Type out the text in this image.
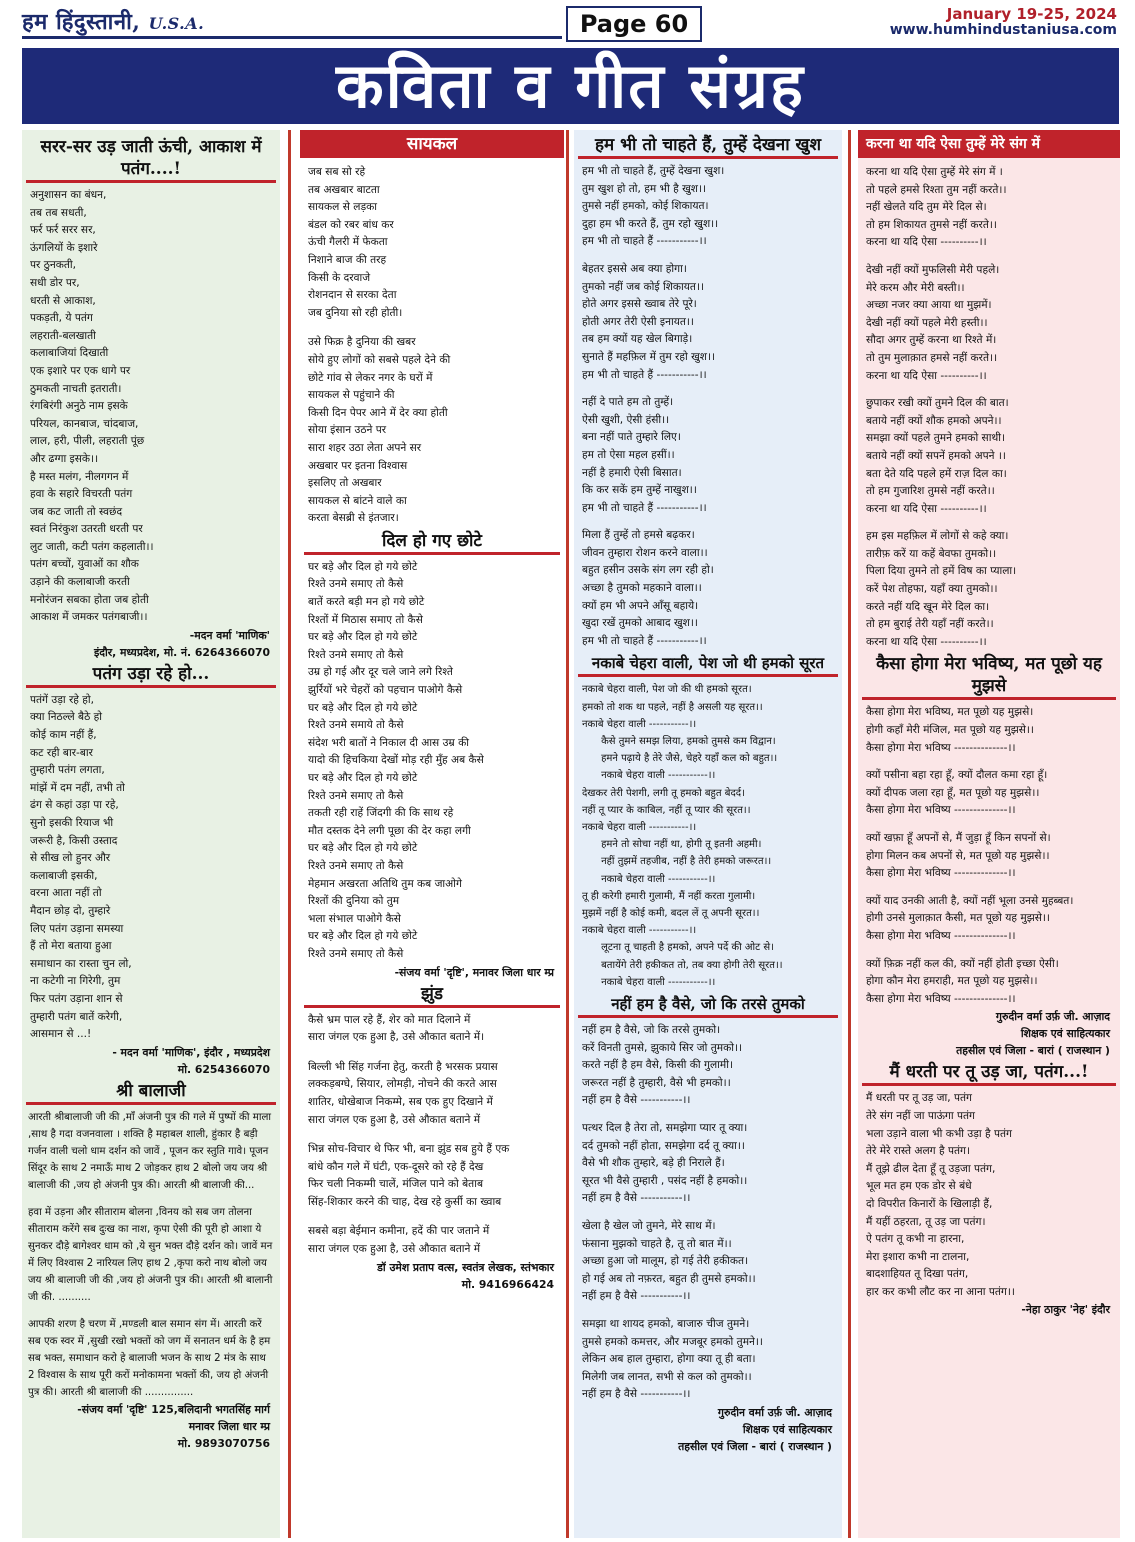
हम हिंदुस्तानी, U.S.A.	Page 60	January 19-25, 2024
www.humhindustaniusa.com
कविता व गीत संग्रह
सरर-सर उड़ जाती ऊंची, आकाश में पतंग....!
अनुशासन का बंधन,
तब तब सधती,
फर्र फर्र सरर सर,
ऊंगलियों के इशारे
पर ठुनकती,
सधी डोर पर,
धरती से आकाश,
पकड़ती, ये पतंग
लहराती-बलखाती
कलाबाजियां दिखाती
एक इशारे पर एक धागे पर
ठुमकती नाचती इतराती।
रंगबिरंगी अनुठे नाम इसके
परियल, कानबाज, चांदबाज,
लाल, हरी, पीली, लहराती पूंछ
और ढग्गा इसके।।
है मस्त मलंग, नीलगगन में
हवा के सहारे विचरती पतंग
जब कट जाती तो स्वछंद
स्वतं निरंकुश उतरती धरती पर
लुट जाती, कटी पतंग कहलाती।।
पतंग बच्चों, युवाओं का शौक
उड़ाने की कलाबाजी करती
मनोरंजन सबका होता जब होती
आकाश में जमकर पतंगबाजी।।
-मदन वर्मा 'माणिक'
इंदौर, मध्यप्रदेश, मो. नं. 6264366070
पतंग उड़ा रहे हो...
पतंगें उड़ा रहे हो,
क्या निठल्ले बैठे हो
कोई काम नहीं हैं,
कट रही बार-बार
तुम्हारी पतंग लगता,
मांझें में दम नहीं, तभी तो
ढंग से कहां उड़ा पा रहे,
सुनो इसकी रियाज भी
जरूरी है, किसी उस्ताद
से सीख लो हुनर और
कलाबाजी इसकी,
वरना आता नहीं तो
मैदान छोड़ दो, तुम्हारे
लिए पतंग उड़ाना समस्या
हैं तो मेरा बताया हुआ
समाधान का रास्ता चुन लो,
ना कटेगी ना गिरेगी, तुम
फिर पतंग उड़ाना शान से
तुम्हारी पतंग बातें करेगी,
आसमान से ...!
- मदन वर्मा 'माणिक', इंदौर , मध्यप्रदेश
मो. 6254366070
श्री बालाजी
आरती श्रीबालाजी जी की ,माँ अंजनी पुत्र की गले में पुष्पों की माला ,साथ है गदा वजनवाला । शक्ति है महाबल शाली, हुंकार है बड़ी गर्जन वाली चलो धाम दर्शन को जावें , पूजन कर स्तुति गावे। पूजन सिंदूर के साथ 2 नमाऊँ माथ 2 जोड़कर हाथ 2 बोलो जय जय श्री बालाजी की ,जय हो अंजनी पुत्र की। आरती श्री बालाजी की...
हवा में उड़ना और सीताराम बोलना ,विनय को सब जग तोलना सीताराम करेंगे सब दुःख का नाश, कृपा ऐसी की पूरी हो आशा ये सुनकर दौड़े बागेश्वर धाम को ,ये सुन भक्त दौड़े दर्शन को। जावें मन में लिए विश्वास 2 नारियल लिए हाथ 2 ,कृपा करो नाथ बोलो जय जय श्री बालाजी जी की ,जय हो अंजनी पुत्र की। आरती श्री बालानी जी की. ..........
आपकी शरण है चरण में ,मण्डली बाल समान संग में। आरती करें सब एक स्वर में ,सुखी रखो भक्तों को जग में सनातन धर्म के है हम सब भक्त, समाधान करो हे बालाजी भजन के साथ 2 मंत्र के साथ 2 विश्वास के साथ पूरी करों मनोकामना भक्तों की, जय हो अंजनी पुत्र की। आरती श्री बालाजी की ...............
-संजय वर्मा 'दृष्टि' 125,बलिदानी भगतसिंह मार्ग
मनावर जिला धार म्प्र
मो. 9893070756
सायकल
जब सब सो रहे
तब अखबार बाटता
सायकल से लड़का
बंडल को रबर बांध कर
ऊंची गैलरी में फेकता
निशाने बाज की तरह
किसी के दरवाजे
रोशनदान से सरका देता
जब दुनिया सो रही होती।
उसे फिक्र है दुनिया की खबर
सोये हुए लोगों को सबसे पहले देने की
छोटे गांव से लेकर नगर के घरों में
सायकल से पहुंचाने की
किसी दिन पेपर आने में देर क्या होती
सोया इंसान उठने पर
सारा शहर उठा लेता अपने सर
अखबार पर इतना विश्वास
इसलिए तो अखबार
सायकल से बांटने वाले का
करता बेसब्री से इंतजार।
दिल हो गए छोटे
घर बड़े और दिल हो गये छोटे
रिश्ते उनमे समाए तो कैसे
बातें करते बड़ी मन हो गये छोटे
रिश्तों में मिठास समाए तो कैसे
घर बड़े और दिल हो गये छोटे
रिश्ते उनमे समाए तो कैसे
उम्र हो गई और दूर चले जाने लगे रिश्ते
झुर्रियों भरे चेहरों को पहचान पाओगे कैसे
घर बड़े और दिल हो गये छोटे
रिश्ते उनमे समाये तो कैसे
संदेश भरी बातों ने निकाल दी आस उम्र की
यादो की हिचकिया देखों मोड़ रही मुँह अब कैसे
घर बड़े और दिल हो गये छोटे
रिश्ते उनमे समाए तो कैसे
तकती रही राहें जिंदगी की कि साथ रहे
मौत दस्तक देने लगी पूछा की देर कहा लगी
घर बड़े और दिल हो गये छोटे
रिश्ते उनमे समाए तो कैसे
मेहमान अखरता अतिथि तुम कब जाओगे
रिश्तों की दुनिया को तुम
भला संभाल पाओगे कैसे
घर बड़े और दिल हो गये छोटे
रिश्ते उनमे समाए तो कैसे
-संजय वर्मा 'दृष्टि', मनावर जिला धार म्प्र
झुंड
कैसे भ्रम पाल रहे हैं, शेर को मात दिलाने में
सारा जंगल एक हुआ है, उसे औकात बताने में।
बिल्ली भी सिंह गर्जना हेतु, करती है भरसक प्रयास
लक्कड़बग्घे, सियार, लोमड़ी, नोचने की करते आस
शातिर, धोखेबाज निकम्मे, सब एक हुए दिखाने में
सारा जंगल एक हुआ है, उसे औकात बताने में
भिन्न सोच-विचार थे फिर भी, बना झुंड सब हुये हैं एक
बांधे कौन गले में घंटी, एक-दूसरे को रहे हैं देख
फिर चली निकम्मी चालें, मंजिल पाने को बेताब
सिंह-शिकार करने की चाह, देख रहे कुर्सी का ख्वाब
सबसे बड़ा बेईमान कमीना, हदें की पार जताने में
सारा जंगल एक हुआ है, उसे औकात बताने में
डॉ उमेश प्रताप वत्स, स्वतंत्र लेखक, स्तंभकार
मो. 9416966424
हम भी तो चाहते हैं, तुम्हें देखना खुश
हम भी तो चाहते हैं, तुम्हें देखना खुश।
तुम खुश हो तो, हम भी है खुश।।
तुमसे नहीं हमको, कोई शिकायत।
दुहा हम भी करते हैं, तुम रहो खुश।।
हम भी तो चाहते हैं -----------।।
बेहतर इससे अब क्या होगा।
तुमको नहीं जब कोई शिकायत।।
होते अगर इससे ख्वाब तेरे पूरे।
होती अगर तेरी ऐसी इनायत।।
तब हम क्यों यह खेल बिगाड़े।
सुनाते हैं महफ़िल में तुम रहो खुश।।
हम भी तो चाहते हैं -----------।।
नहीं दे पाते हम तो तुम्हें।
ऐसी खुशी, ऐसी हंसी।।
बना नहीं पाते तुम्हारे लिए।
हम तो ऐसा महल हसीं।।
नहीं है हमारी ऐसी बिसात।
कि कर सकें हम तुम्हें नाखुश।।
हम भी तो चाहते हैं -----------।।
मिला हैं तुम्हें तो हमसे बढ़कर।
जीवन तुम्हारा रोशन करने वाला।।
बहुत हसीन उसके संग लग रही हो।
अच्छा है तुमको महकाने वाला।।
क्यों हम भी अपने आँसू बहाये।
खुदा रखें तुमको आबाद खुश।।
हम भी तो चाहते हैं -----------।।
नकाबे चेहरा वाली, पेश जो थी हमको सूरत
नकाबे चेहरा वाली, पेश जो की थी हमको सूरत।
हमको तो शक था पहले, नहीं है असली यह सूरत।।
नकाबे चेहरा वाली -----------।।
कैसे तुमने समझ लिया, हमको तुमसे कम विद्वान।
हमने पढ़ाये है तेरे जैसे, चेहरे यहाँ कल को बहुत।।
नकाबे चेहरा वाली -----------।।
देखकर तेरी पेशगी, लगी तू हमको बहुत बेदर्द।
नहीं तू प्यार के काबिल, नहीं तू प्यार की सूरत।।
नकाबे चेहरा वाली -----------।।
हमने तो सोचा नहीं था, होगी तू इतनी अहमी।
नहीं तुझमें तहजीब, नहीं है तेरी हमको जरूरत।।
नकाबे चेहरा वाली -----------।।
तू ही करेगी हमारी गुलामी, मैं नहीं करता गुलामी।
मुझमें नहीं है कोई कमी, बदल लें तू अपनी सूरत।।
नकाबे चेहरा वाली -----------।।
लूटना तू चाहती है हमको, अपने पर्दे की ओट से।
बतायेंगे तेरी हकीकत तो, तब क्या होगी तेरी सूरत।।
नकाबे चेहरा वाली -----------।।
नहीं हम है वैसे, जो कि तरसे तुमको
नहीं हम है वैसे, जो कि तरसे तुमको।
करें विनती तुमसे, झुकाये सिर जो तुमको।।
करते नहीं है हम वैसे, किसी की गुलामी।
जरूरत नहीं है तुम्हारी, वैसे भी हमको।।
नहीं हम है वैसे -----------।।
पत्थर दिल है तेरा तो, समझेगा प्यार तू क्या।
दर्द तुमको नहीं होता, समझेगा दर्द तू क्या।।
वैसे भी शौक तुम्हारे, बड़े ही निराले हैं।
सूरत भी वैसे तुम्हारी , पसंद नहीं है हमको।।
नहीं हम है वैसे -----------।।
खेला है खेल जो तुमने, मेरे साथ में।
फंसाना मुझको चाहते है, तू तो बात में।।
अच्छा हुआ जो मालूम, हो गई तेरी हकीकत।
हो गई अब तो नफ़रत, बहुत ही तुमसे हमको।।
नहीं हम है वैसे -----------।।
समझा था शायद हमको, बाजारु चीज तुमने।
तुमसे हमको कमत्तर, और मजबूर हमको तुमने।।
लेकिन अब हाल तुम्हारा, होगा क्या तू ही बता।
मिलेगी जब लानत, सभी से कल को तुमको।।
नहीं हम है वैसे -----------।।
गुरुदीन वर्मा उर्फ़ जी. आज़ाद
शिक्षक एवं साहित्यकार
तहसील एवं जिला - बारां ( राजस्थान )
करना था यदि ऐसा तुम्हें मेरे संग में
करना था यदि ऐसा तुम्हें मेरे संग में ।
तो पहले हमसे रिश्ता तुम नहीं करते।।
नहीं खेलते यदि तुम मेरे दिल से।
तो हम शिकायत तुमसे नहीं करते।।
करना था यदि ऐसा ----------।।
देखी नहीं क्यों मुफलिसी मेरी पहले।
मेरे करम और मेरी बस्ती।।
अच्छा नजर क्या आया था मुझमें।
देखी नहीं क्यों पहले मेरी हस्ती।।
सौदा अगर तुम्हें करना था रिश्ते में।
तो तुम मुलाक़ात हमसे नहीं करते।।
करना था यदि ऐसा ----------।।
छुपाकर रखी क्यों तुमने दिल की बात।
बताये नहीं क्यों शौक हमको अपने।।
समझा क्यों पहले तुमने हमको साथी।
बताये नहीं क्यों सपनें हमको अपने ।।
बता देते यदि पहले हमें राज़ दिल का।
तो हम गुजारिश तुमसे नहीं करते।।
करना था यदि ऐसा ----------।।
हम इस महफ़िल में लोगों से कहे क्या।
तारीफ़ करें या कहें बेवफा तुमको।।
पिला दिया तुमने तो हमें विष का प्याला।
करें पेश तोहफा, यहाँ क्या तुमको।।
करते नहीं यदि खून मेरे दिल का।
तो हम बुराई तेरी यहाँ नहीं करते।।
करना था यदि ऐसा ----------।।
कैसा होगा मेरा भविष्य, मत पूछो यह मुझसे
कैसा होगा मेरा भविष्य, मत पूछो यह मुझसे।
होगी कहाँ मेरी मंजिल, मत पूछो यह मुझसे।।
कैसा होगा मेरा भविष्य --------------।।
क्यों पसीना बहा रहा हूँ, क्यों दौलत कमा रहा हूँ।
क्यों दीपक जला रहा हूँ, मत पूछो यह मुझसे।।
कैसा होगा मेरा भविष्य --------------।।
क्यों खफ़ा हूँ अपनों से, मैं जुड़ा हूँ किन सपनों से।
होगा मिलन कब अपनों से, मत पूछो यह मुझसे।।
कैसा होगा मेरा भविष्य --------------।।
क्यों याद उनकी आती है, क्यों नहीं भूला उनसे मुहब्बत।
होगी उनसे मुलाक़ात कैसी, मत पूछो यह मुझसे।।
कैसा होगा मेरा भविष्य --------------।।
क्यों फ़िक्र नहीं कल की, क्यों नहीं होती इच्छा ऐसी।
होगा कौन मेरा हमराही, मत पूछो यह मुझसे।।
कैसा होगा मेरा भविष्य --------------।।
गुरुदीन वर्मा उर्फ़ जी. आज़ाद
शिक्षक एवं साहित्यकार
तहसील एवं जिला - बारां ( राजस्थान )
मैं धरती पर तू उड़ जा, पतंग...!
मैं धरती पर तू उड़ जा, पतंग
तेरे संग नहीं जा पाऊंगा पतंग
भला उड़ाने वाला भी कभी उड़ा है पतंग
तेरे मेरे रास्ते अलग है पतंग।
मैं तूझे ढील देता हूँ तू उड़जा पतंग,
भूल मत हम एक डोर से बंधे
दो विपरीत किनारों के खिलाड़ी हैं,
मैं यहीं ठहरता, तू उड़ जा पतंग।
ऐ पतंग तू कभी ना हारना,
मेरा इशारा कभी ना टालना,
बादशाहियत तू दिखा पतंग,
हार कर कभी लौट कर ना आना पतंग।।
-नेहा ठाकुर 'नेह' इंदौर
